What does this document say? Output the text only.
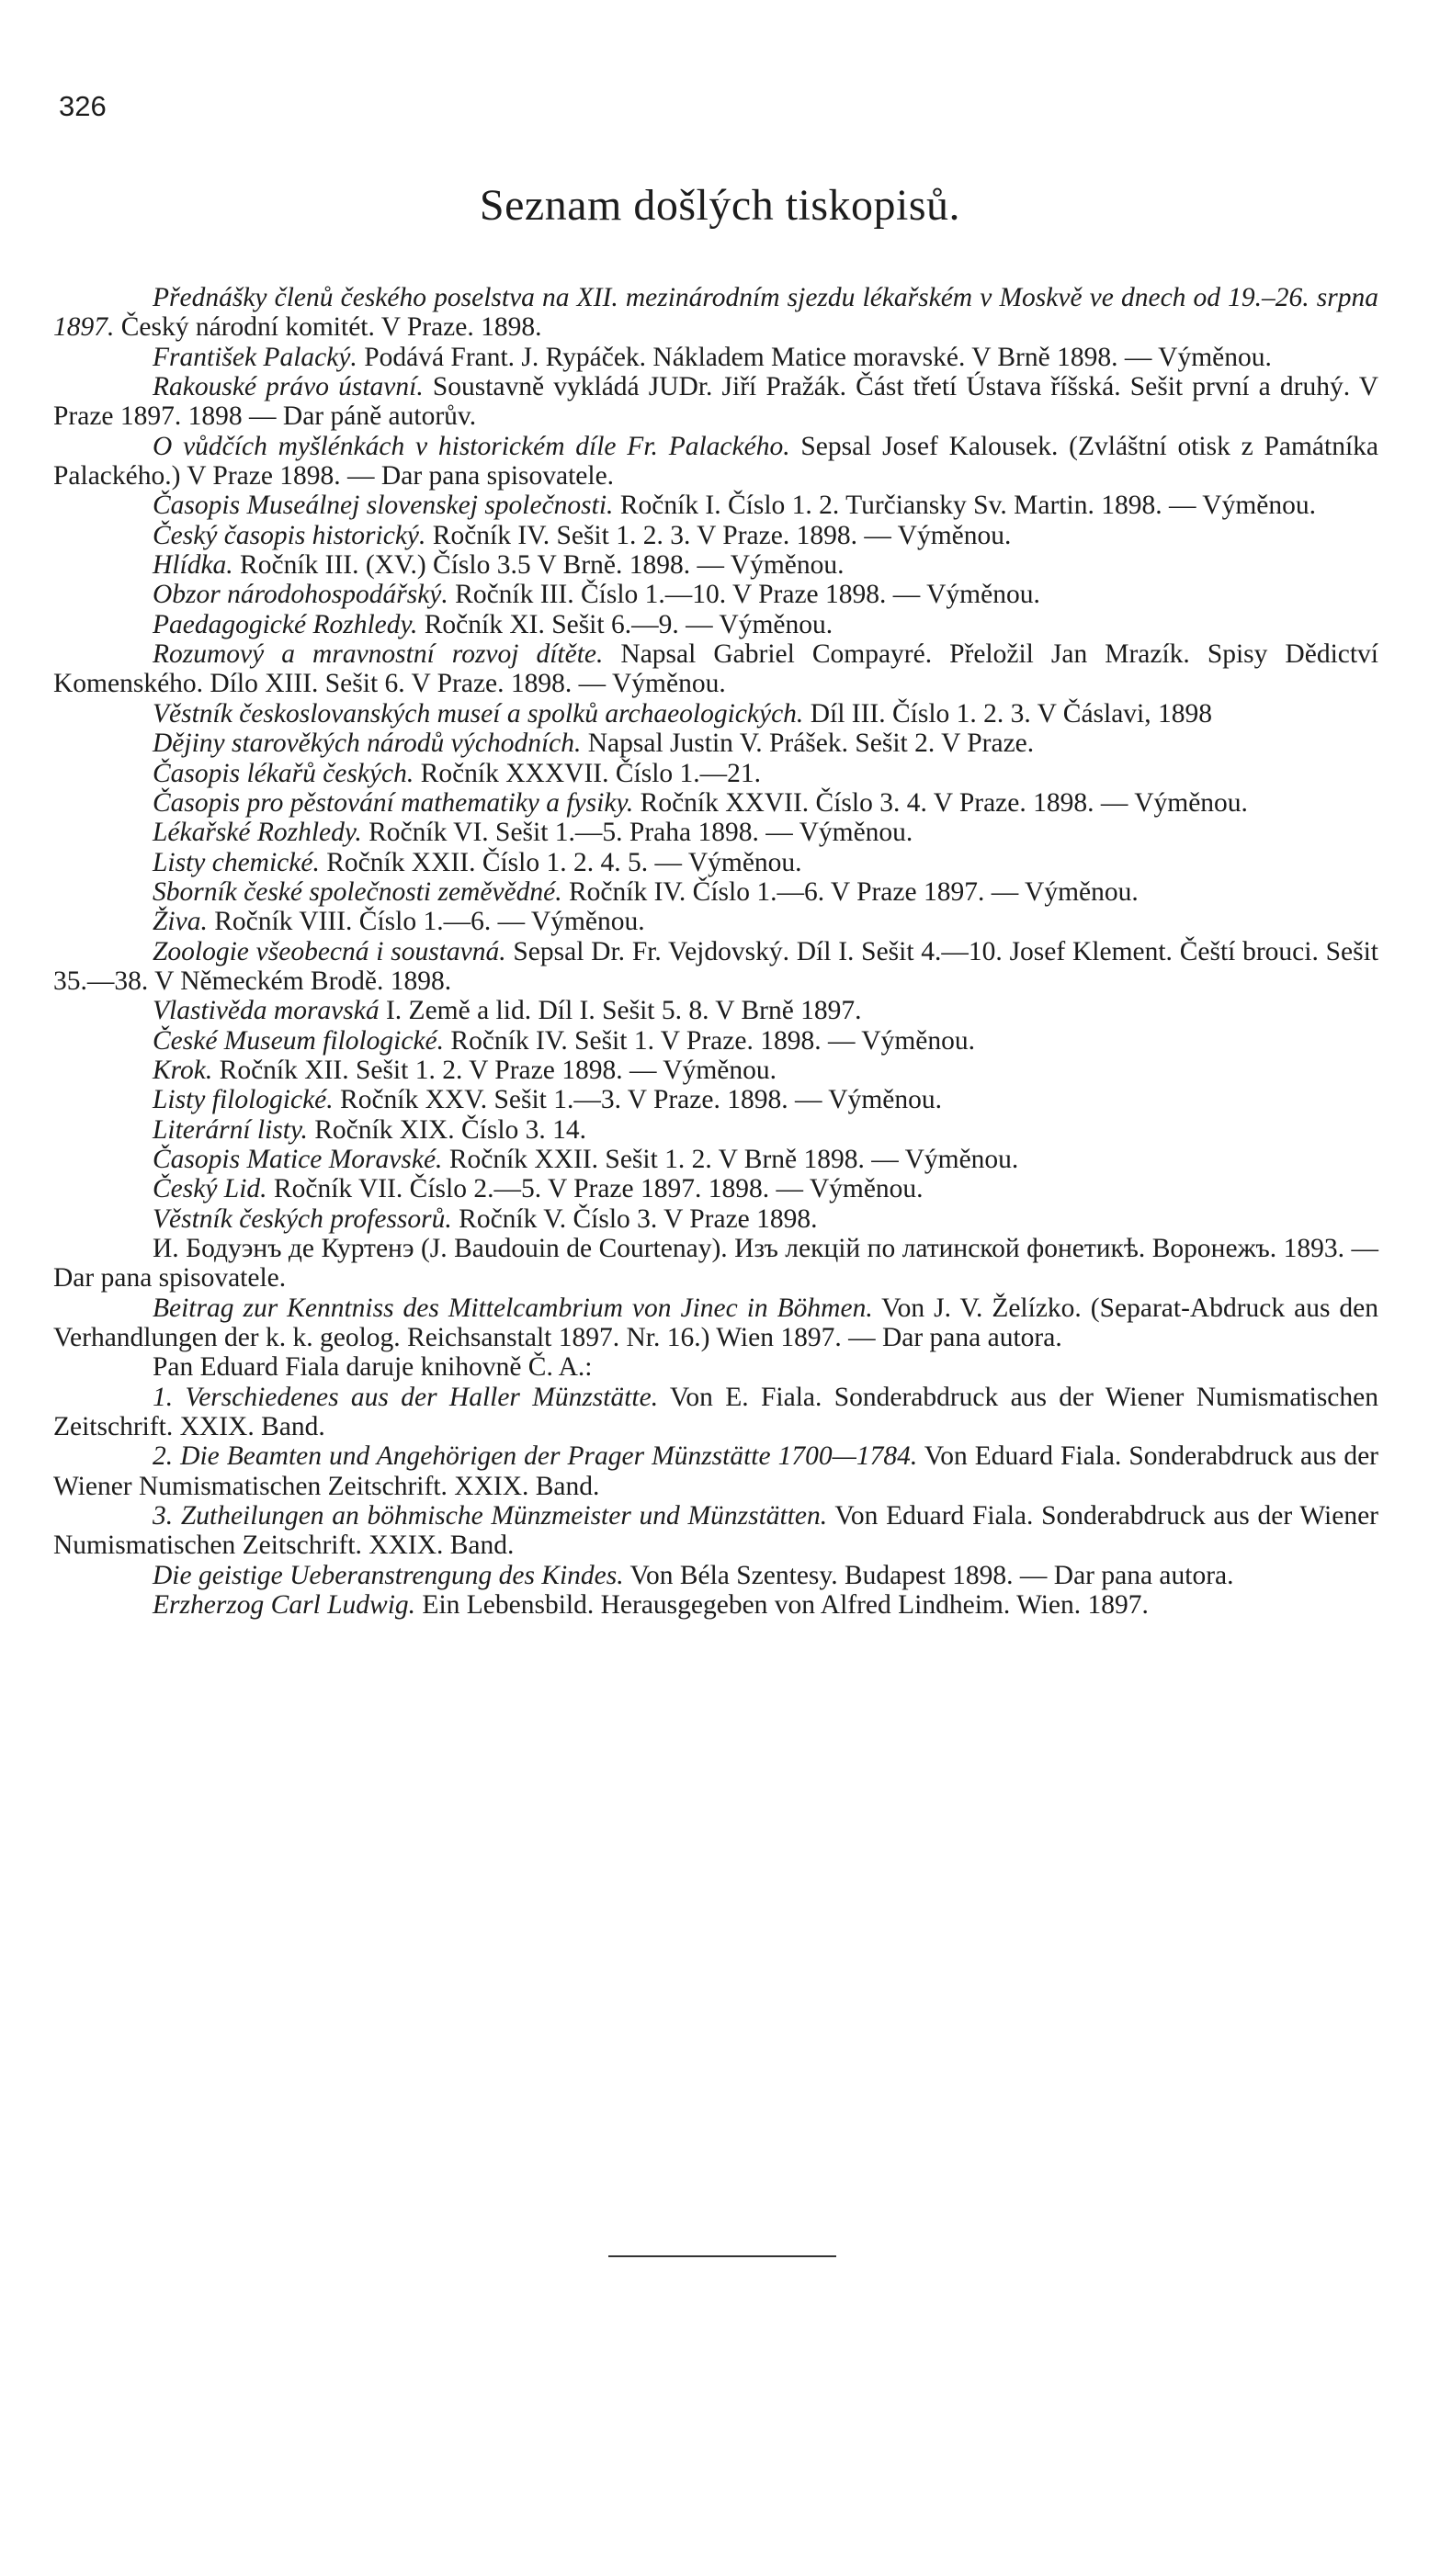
326
Seznam došlých tiskopisů.

Přednášky členů českého poselstva na XII. mezinárodním sjezdu lékařském v Moskvě ve dnech od 19.–26. srpna 1897. Český národní komitét. V Praze. 1898.

František Palacký. Podává Frant. J. Rypáček. Nákladem Matice moravské. V Brně 1898. — Výměnou.

Rakouské právo ústavní. Soustavně vykládá JUDr. Jiří Pražák. Část třetí Ústava říšská. Sešit první a druhý. V Praze 1897. 1898 — Dar páně autorův.

O vůdčích myšlénkách v historickém díle Fr. Palackého. Sepsal Josef Kalousek. (Zvláštní otisk z Památníka Palackého.) V Praze 1898. — Dar pana spisovatele.

Časopis Museálnej slovenskej společnosti. Ročník I. Číslo 1. 2. Turčiansky Sv. Martin. 1898. — Výměnou.

Český časopis historický. Ročník IV. Sešit 1. 2. 3. V Praze. 1898. — Výměnou.

Hlídka. Ročník III. (XV.) Číslo 3.5 V Brně. 1898. — Výměnou.

Obzor národohospodářský. Ročník III. Číslo 1.—10. V Praze 1898. — Výměnou.

Paedagogické Rozhledy. Ročník XI. Sešit 6.—9. — Výměnou.

Rozumový a mravnostní rozvoj dítěte. Napsal Gabriel Compayré. Přeložil Jan Mrazík. Spisy Dědictví Komenského. Dílo XIII. Sešit 6. V Praze. 1898. — Výměnou.

Věstník českoslovanských museí a spolků archaeologických. Díl III. Číslo 1. 2. 3. V Čáslavi, 1898

Dějiny starověkých národů východních. Napsal Justin V. Prášek. Sešit 2. V Praze.

Časopis lékařů českých. Ročník XXXVII. Číslo 1.—21.

Časopis pro pěstování mathematiky a fysiky. Ročník XXVII. Číslo 3. 4. V Praze. 1898. — Výměnou.

Lékařské Rozhledy. Ročník VI. Sešit 1.—5. Praha 1898. — Výměnou.

Listy chemické. Ročník XXII. Číslo 1. 2. 4. 5. — Výměnou.

Sborník české společnosti zeměvědné. Ročník IV. Číslo 1.—6. V Praze 1897. — Výměnou.

Živa. Ročník VIII. Číslo 1.—6. — Výměnou.

Zoologie všeobecná i soustavná. Sepsal Dr. Fr. Vejdovský. Díl I. Sešit 4.—10. Josef Klement. Čeští brouci. Sešit 35.—38. V Německém Brodě. 1898.

Vlastivěda moravská I. Země a lid. Díl I. Sešit 5. 8. V Brně 1897.

České Museum filologické. Ročník IV. Sešit 1. V Praze. 1898. — Výměnou.

Krok. Ročník XII. Sešit 1. 2. V Praze 1898. — Výměnou.

Listy filologické. Ročník XXV. Sešit 1.—3. V Praze. 1898. — Výměnou.

Literární listy. Ročník XIX. Číslo 3. 14.

Časopis Matice Moravské. Ročník XXII. Sešit 1. 2. V Brně 1898. — Výměnou.

Český Lid. Ročník VII. Číslo 2.—5. V Praze 1897. 1898. — Výměnou.

Věstník českých professorů. Ročník V. Číslo 3. V Praze 1898.

И. Бодуэнъ де Куртенэ (J. Baudouin de Courtenay). Изъ лекцій по латинской фонетикѣ. Воронежъ. 1893. — Dar pana spisovatele.

Beitrag zur Kenntniss des Mittelcambrium von Jinec in Böhmen. Von J. V. Želízko. (Separat-Abdruck aus den Verhandlungen der k. k. geolog. Reichsanstalt 1897. Nr. 16.) Wien 1897. — Dar pana autora.

Pan Eduard Fiala daruje knihovně Č. A.:

1. Verschiedenes aus der Haller Münzstätte. Von E. Fiala. Sonderabdruck aus der Wiener Numismatischen Zeitschrift. XXIX. Band.

2. Die Beamten und Angehörigen der Prager Münzstätte 1700—1784. Von Eduard Fiala. Sonderabdruck aus der Wiener Numismatischen Zeitschrift. XXIX. Band.

3. Zutheilungen an böhmische Münzmeister und Münzstätten. Von Eduard Fiala. Sonderabdruck aus der Wiener Numismatischen Zeitschrift. XXIX. Band.

Die geistige Ueberanstrengung des Kindes. Von Béla Szentesy. Budapest 1898. — Dar pana autora.

Erzherzog Carl Ludwig. Ein Lebensbild. Herausgegeben von Alfred Lindheim. Wien. 1897.
